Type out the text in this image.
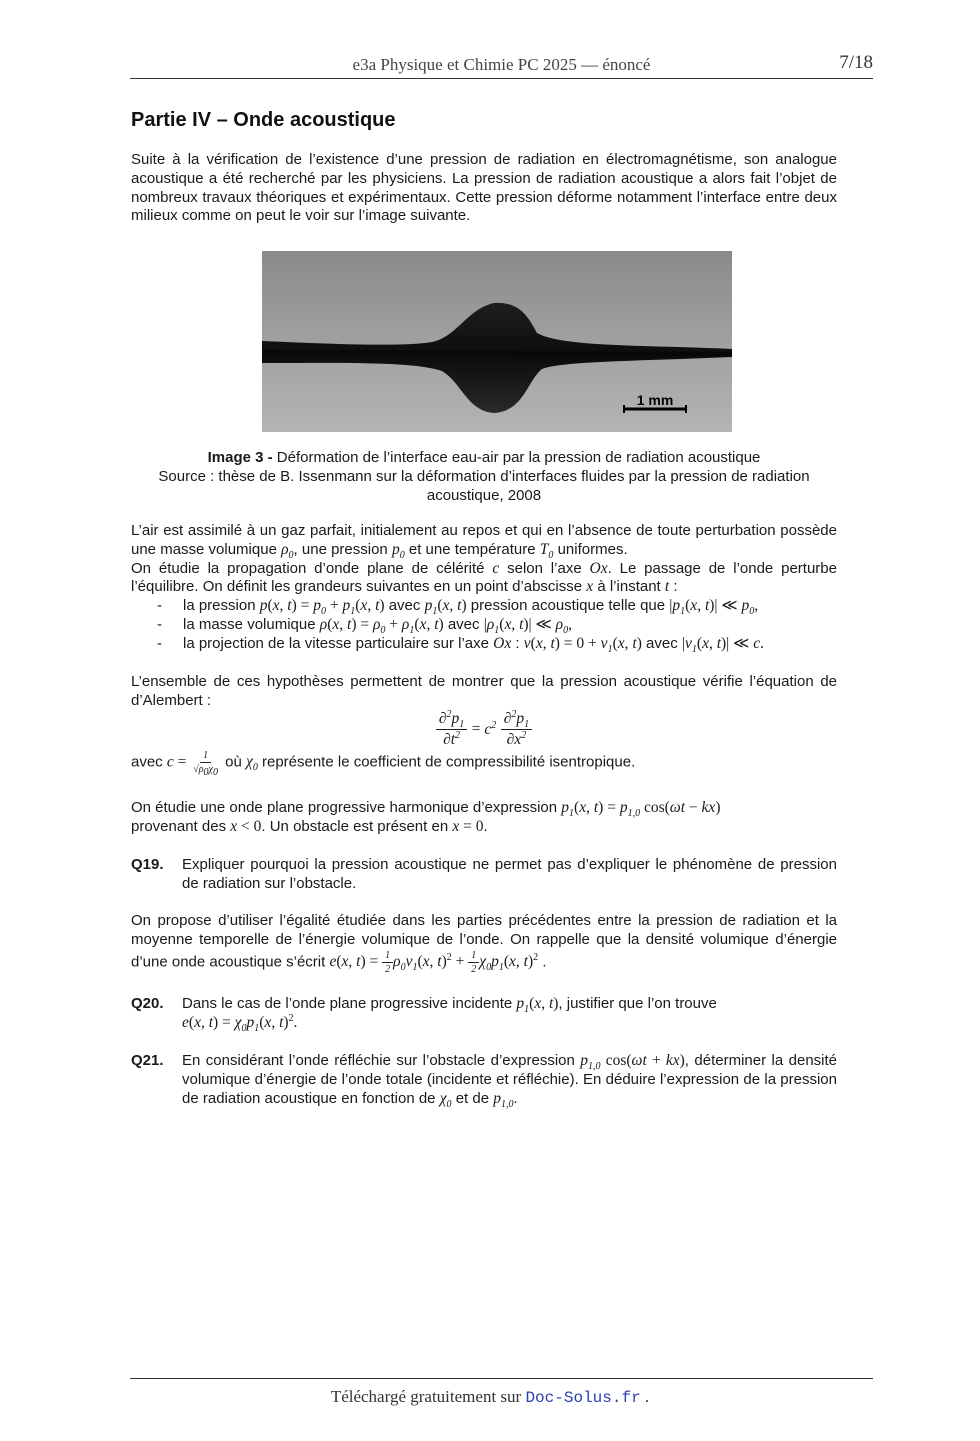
e3a Physique et Chimie PC 2025 — énoncé	7/18
Partie IV – Onde acoustique
Suite à la vérification de l’existence d’une pression de radiation en électromagnétisme, son analogue acoustique a été recherché par les physiciens. La pression de radiation acoustique a alors fait l’objet de nombreux travaux théoriques et expérimentaux. Cette pression déforme notamment l’interface entre deux milieux comme on peut le voir sur l’image suivante.
1 mm
Image 3 - Déformation de l’interface eau-air par la pression de radiation acoustique
Source : thèse de B. Issenmann sur la déformation d’interfaces fluides par la pression de radiation acoustique, 2008
L’air est assimilé à un gaz parfait, initialement au repos et qui en l’absence de toute perturbation possède une masse volumique $\rho_0$, une pression $p_0$ et une température $T_0$ uniformes.
On étudie la propagation d’onde plane de célérité c selon l’axe Ox. Le passage de l’onde perturbe l’équilibre. On définit les grandeurs suivantes en un point d’abscisse x à l’instant t :
- la pression p(x, $t) = p_0 + p_1(x$, t) avec $p_1(x$, t) pression acoustique telle que $|p_1(x$, t)| ≪ $p_0$,
- la masse volumique ρ(x, $t) = \rho_0 + \rho_1(x$, t) avec $|\rho_1(x$, t)| ≪ $\rho_0$,
- la projection de la vitesse particulaire sur l’axe Ox : v(x, $t) = 0 + v_1(x$, t) avec $|v_1(x$, t)| ≪ c.
L’ensemble de ces hypothèses permettent de montrer que la pression acoustique vérifie l’équation de d’Alembert :
$\frac{\partial^2p_1}{\partial t^2} = c^2 \frac{\partial^2p_1}{\partial x^2}$
avec $c = \frac{1}{√\rho_0\chi_0}$ où $\chi_0$ représente le coefficient de compressibilité isentropique.
On étudie une onde plane progressive harmonique d’expression $p_1(x$, $t) = p_{1,0}$ cos(ωt − kx)
provenant des x < 0. Un obstacle est présent en x = 0.
Q19. Expliquer pourquoi la pression acoustique ne permet pas d’expliquer le phénomène de pression de radiation sur l’obstacle.
On propose d’utiliser l’égalité étudiée dans les parties précédentes entre la pression de radiation et la moyenne temporelle de l’énergie volumique de l’onde. On rappelle que la densité volumique d’énergie d’une onde acoustique s’écrit e(x, $t) = \frac{1}{2} \rho_0v_1(x$, $t)^2 + \frac{1}{2} \chi_0p_1(x$, t)$^2$ .
Q20. Dans le cas de l’onde plane progressive incidente $p_1(x$, t), justifier que l’on trouve
e(x, $t) = \chi_0p_1(x$, t)$^2$.
Q21. En considérant l’onde réfléchie sur l’obstacle d’expression $p_{1,0}$ cos(ωt + kx), déterminer la densité volumique d’énergie de l’onde totale (incidente et réfléchie). En déduire l’expression de la pression de radiation acoustique en fonction de $\chi_0$ et de $p_{1,0}$.
Téléchargé gratuitement sur Doc-Solus.fr .
